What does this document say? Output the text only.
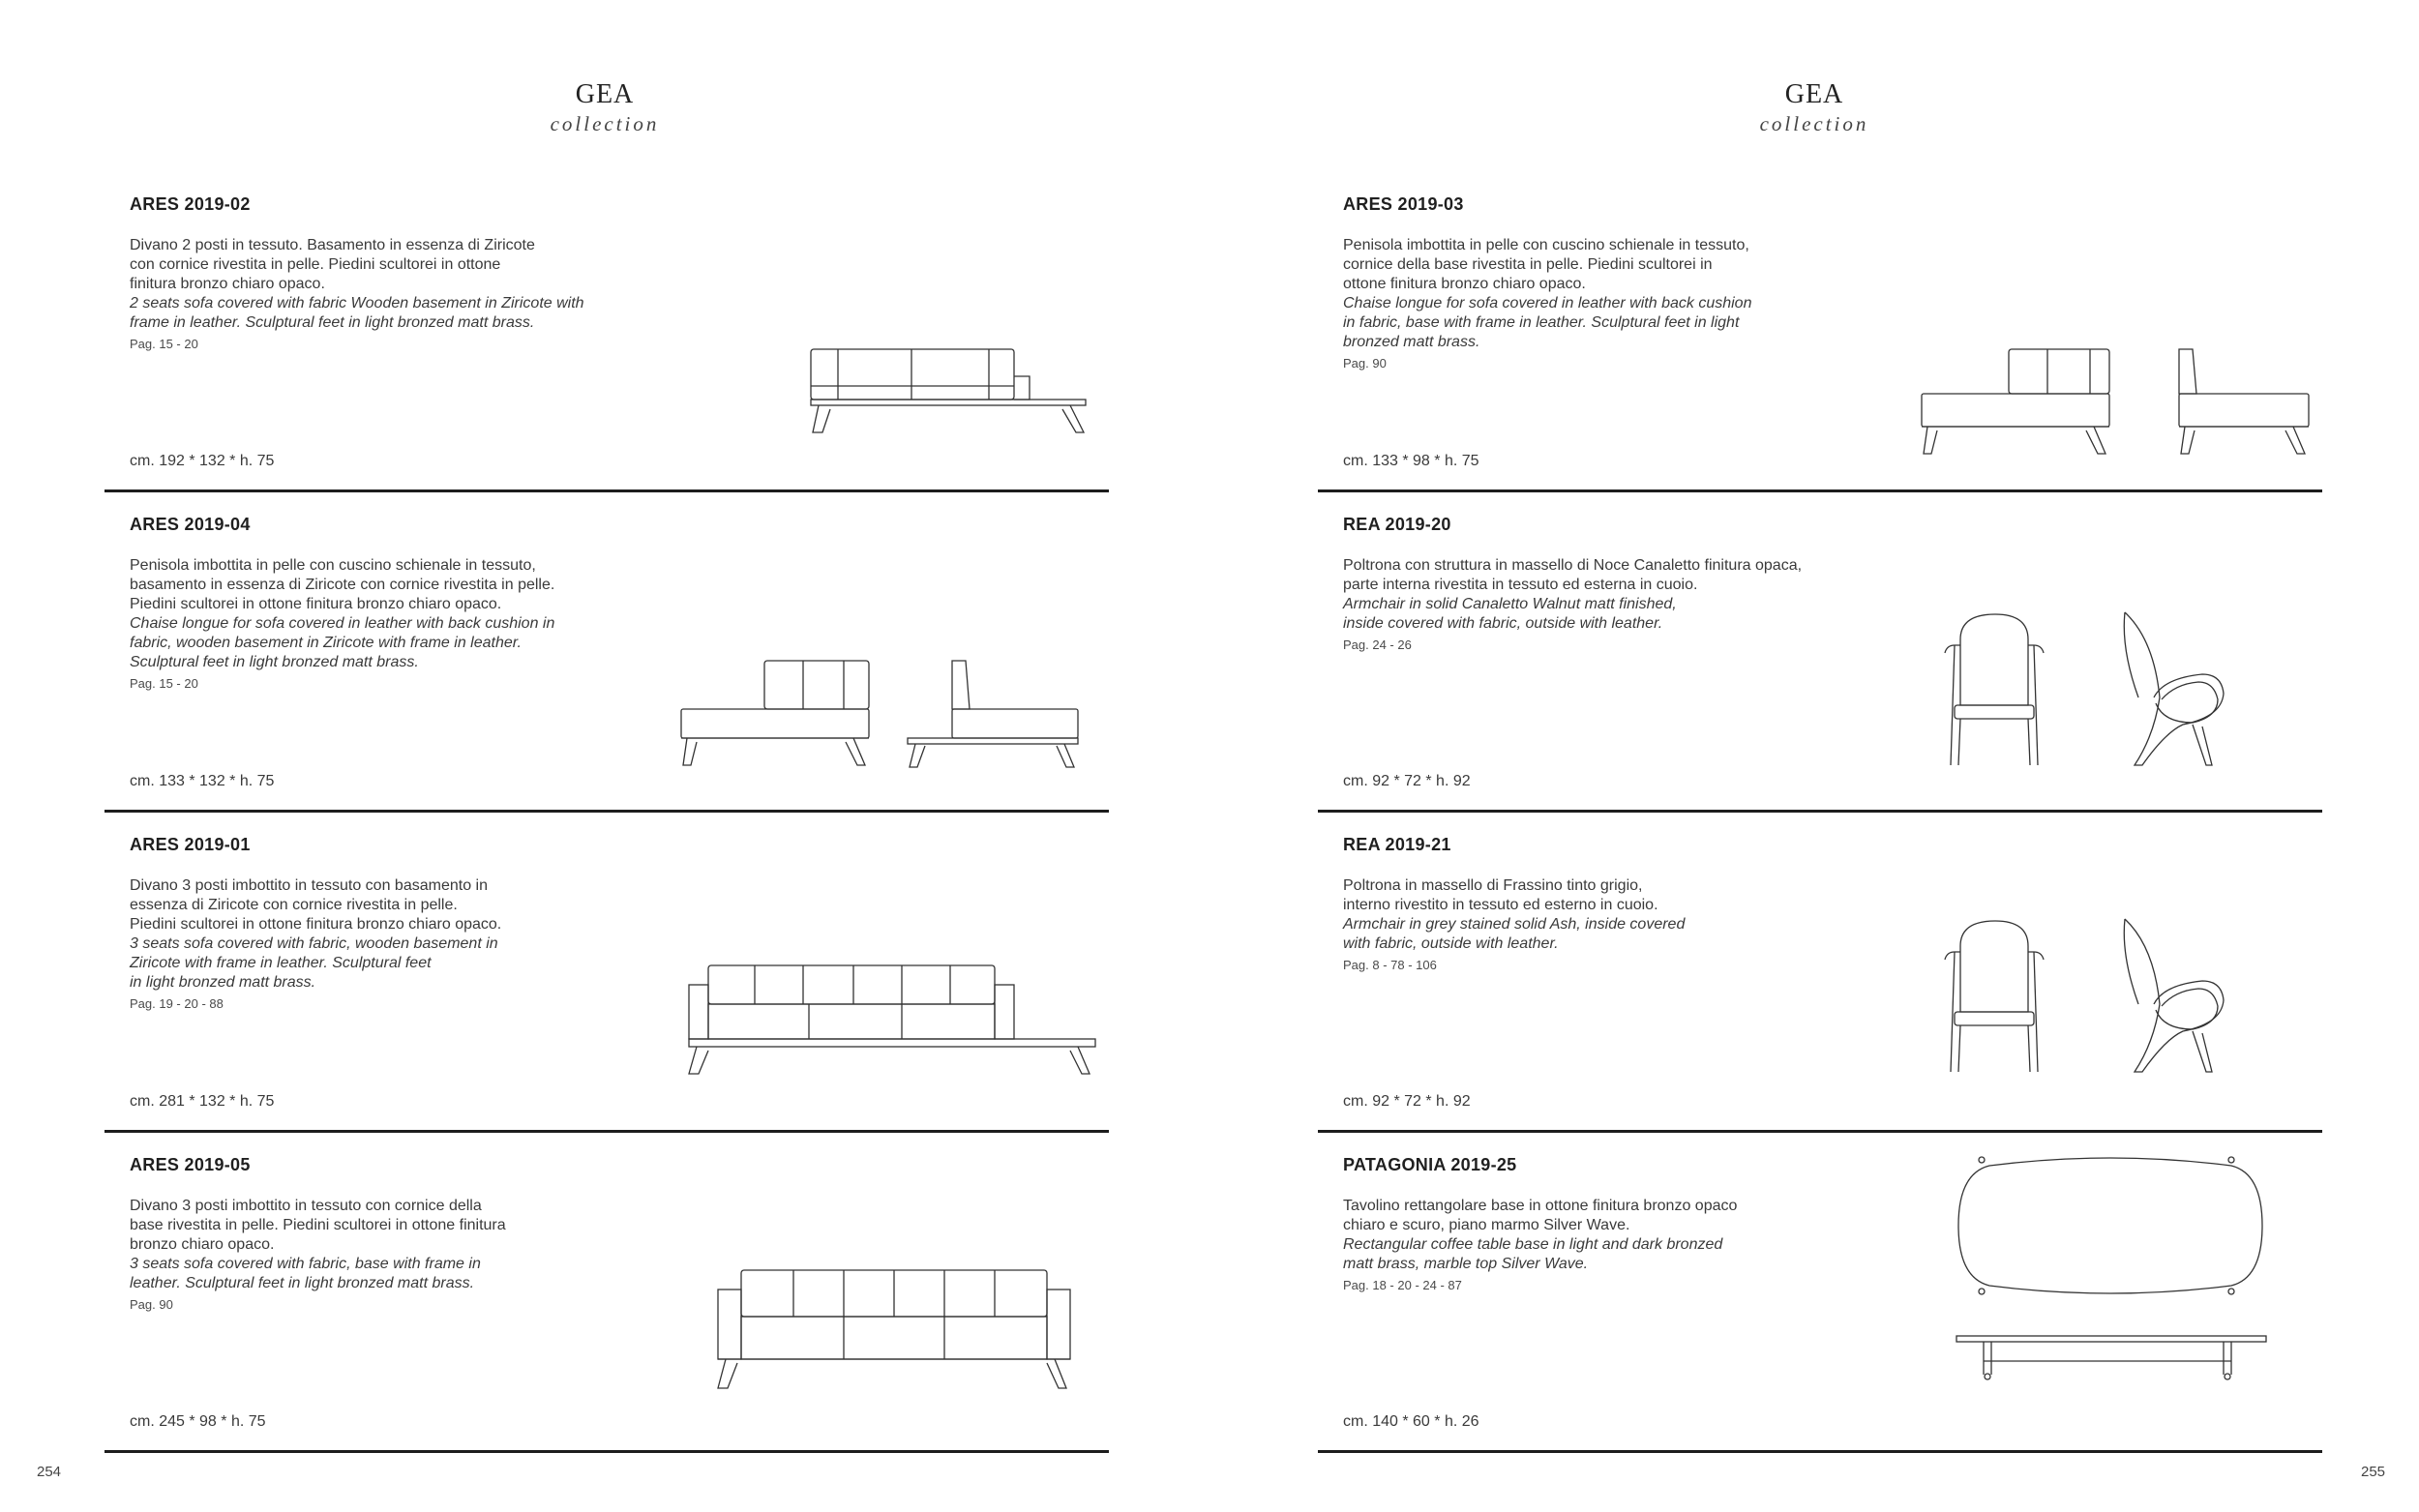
GEA
collection
ARES 2019-02
Divano 2 posti in tessuto. Basamento in essenza di Ziricote
con cornice rivestita in pelle. Piedini scultorei in ottone
finitura bronzo chiaro opaco.
2 seats sofa covered with fabric Wooden basement in Ziricote with
frame in leather. Sculptural feet in light bronzed matt brass.
Pag. 15 - 20
cm. 192 * 132 * h. 75
ARES 2019-04
Penisola imbottita in pelle con cuscino schienale in tessuto,
basamento in essenza di Ziricote con cornice rivestita in pelle.
Piedini scultorei in ottone finitura bronzo chiaro opaco.
Chaise longue for sofa covered in leather with back cushion in
fabric, wooden basement in Ziricote with frame in leather.
Sculptural feet in light bronzed matt brass.
Pag. 15 - 20
cm. 133 * 132 * h. 75
ARES 2019-01
Divano 3 posti imbottito in tessuto con basamento in
essenza di Ziricote con cornice rivestita in pelle.
Piedini scultorei in ottone finitura bronzo chiaro opaco.
3 seats sofa covered with fabric, wooden basement in
Ziricote with frame in leather. Sculptural feet
in light bronzed matt brass.
Pag. 19 - 20 - 88
cm. 281 * 132 * h. 75
ARES 2019-05
Divano 3 posti imbottito in tessuto con cornice della
base rivestita in pelle. Piedini scultorei in ottone finitura
bronzo chiaro opaco.
3 seats sofa covered with fabric, base with frame in
leather. Sculptural feet in light bronzed matt brass.
Pag. 90
cm. 245 * 98 * h. 75
254
GEA
collection
ARES 2019-03
Penisola imbottita in pelle con cuscino schienale in tessuto,
cornice della base rivestita in pelle. Piedini scultorei in
ottone finitura bronzo chiaro opaco.
Chaise longue for sofa covered in leather with back cushion
in fabric, base with frame in leather. Sculptural feet in light
bronzed matt brass.
Pag. 90
cm. 133 * 98 * h. 75
REA 2019-20
Poltrona con struttura in massello di Noce Canaletto finitura opaca,
parte interna rivestita in tessuto ed esterna in cuoio.
Armchair in solid Canaletto Walnut matt finished,
inside covered with fabric, outside with leather.
Pag. 24 - 26
cm. 92 * 72 * h. 92
REA 2019-21
Poltrona in massello di Frassino tinto grigio,
interno rivestito in tessuto ed esterno in cuoio.
Armchair in grey stained solid Ash, inside covered
with fabric, outside with leather.
Pag. 8 - 78 - 106
cm. 92 * 72 * h. 92
PATAGONIA 2019-25
Tavolino rettangolare base in ottone finitura bronzo opaco
chiaro e scuro, piano marmo Silver Wave.
Rectangular coffee table base in light and dark bronzed
matt brass, marble top Silver Wave.
Pag. 18 - 20 - 24 - 87
cm. 140 * 60 * h. 26
255
